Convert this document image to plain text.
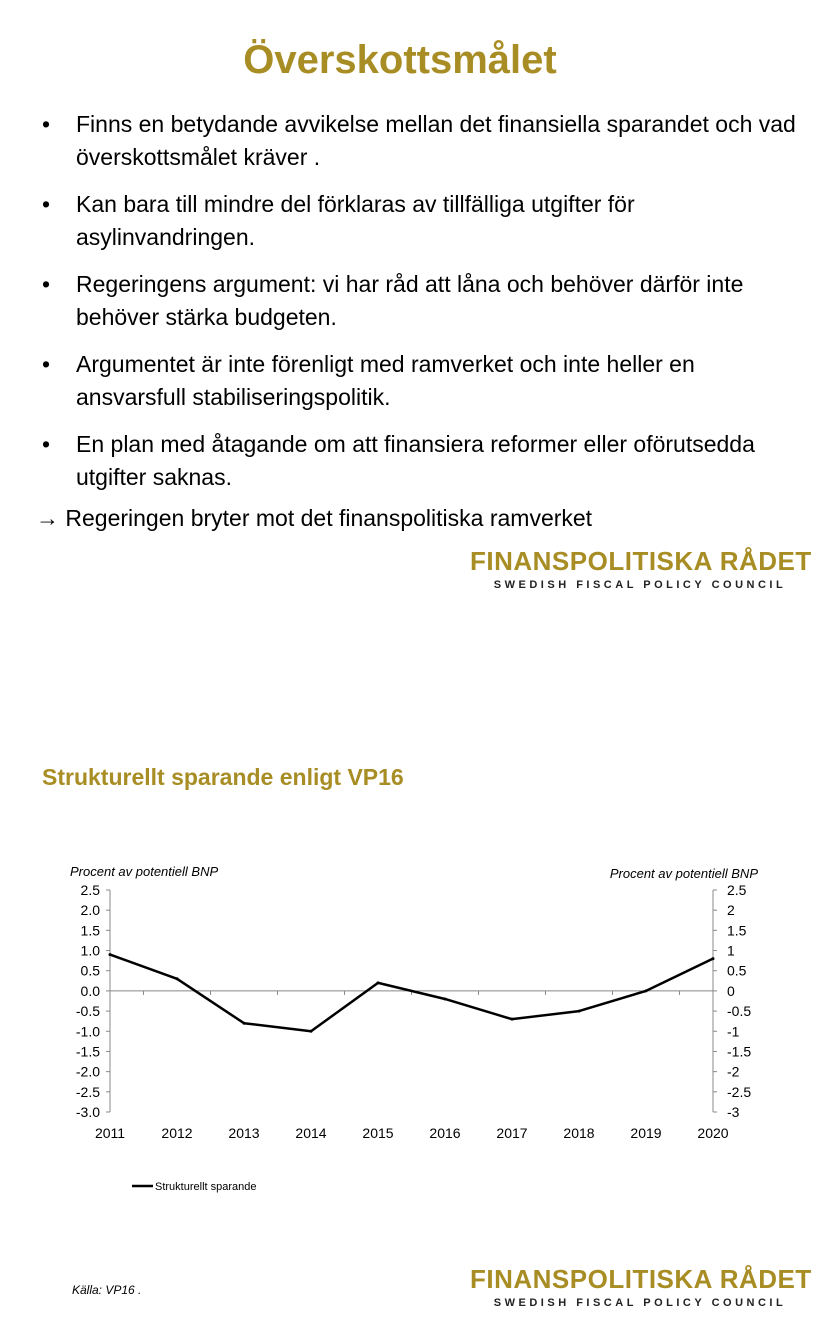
Överskottsmålet
• Finns en betydande avvikelse mellan det finansiella sparandet och vad överskottsmålet kräver .
• Kan bara till mindre del förklaras av tillfälliga utgifter för asylinvandringen.
• Regeringens argument: vi har råd att låna och behöver därför inte behöver stärka budgeten.
• Argumentet är inte förenligt med ramverket och inte heller en ansvarsfull stabiliseringspolitik.
• En plan med åtagande om att finansiera reformer eller oförutsedda utgifter saknas.
→ Regeringen bryter mot det finanspolitiska ramverket
FINANSPOLITISKA RÅDET
SWEDISH FISCAL POLICY COUNCIL
Strukturellt sparande enligt VP16
Procent av potentiell BNP	Procent av potentiell BNP
2.5
2.0
1.5
1.0
0.5
0.0
-0.5
-1.0
-1.5
-2.0
-2.5
-3.0
2.5
2
1.5
1
0.5
0
-0.5
-1
-1.5
-2
-2.5
-3
2011	2012	2013	2014	2015	2016	2017	2018	2019	2020
Strukturellt sparande
Källa: VP16 .	FINANSPOLITISKA RÅDET
SWEDISH FISCAL POLICY COUNCIL
